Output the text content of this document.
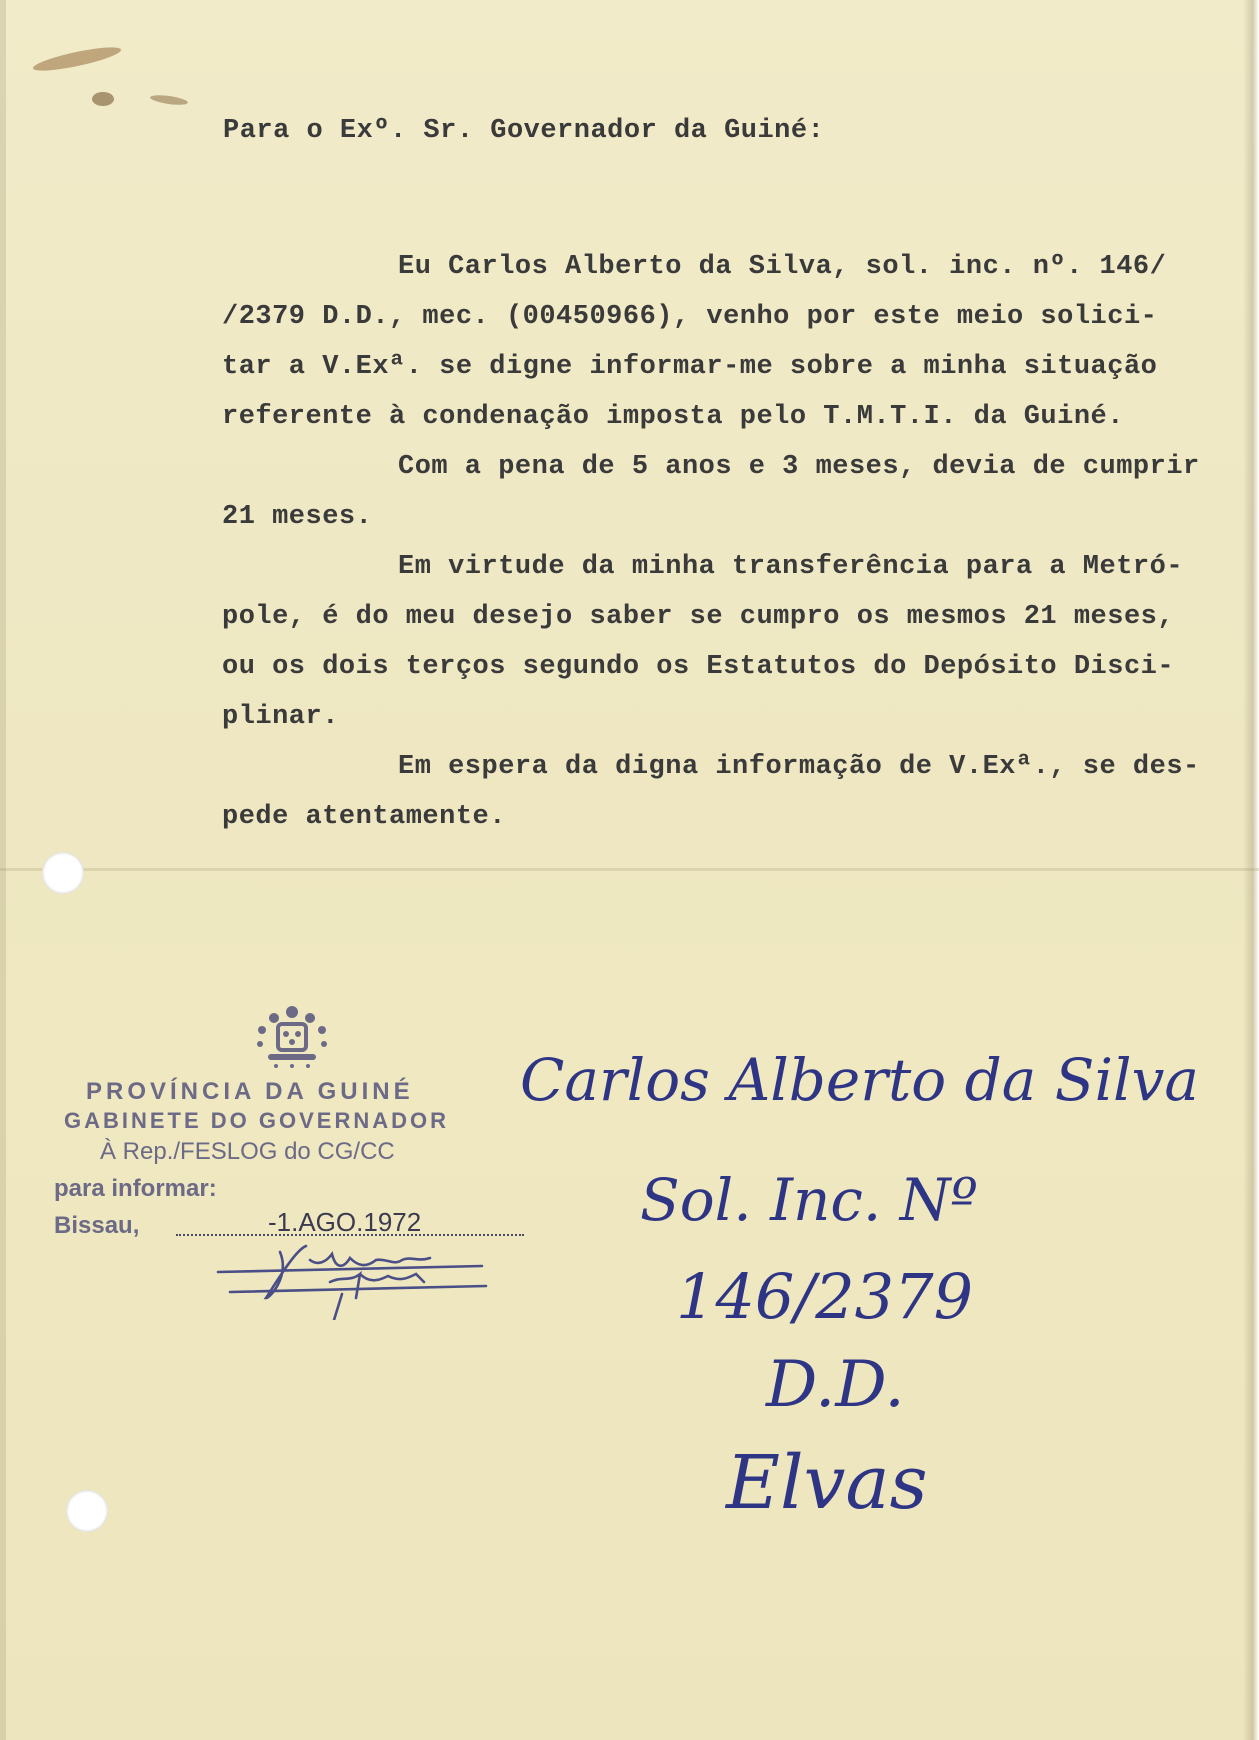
Para o Exº. Sr. Governador da Guiné:
Eu Carlos Alberto da Silva, sol. inc. nº. 146/
/2379 D.D., mec. (00450966), venho por este meio solici-
tar a V.Exª. se digne informar-me sobre a minha situação
referente à condenação imposta pelo T.M.T.I. da Guiné.
Com a pena de 5 anos e 3 meses, devia de cumprir
21 meses.
Em virtude da minha transferência para a Metró-
pole, é do meu desejo saber se cumpro os mesmos 21 meses,
ou os dois terços segundo os Estatutos do Depósito Disci-
plinar.
Em espera da digna informação de V.Exª., se des-
pede atentamente.
PROVÍNCIA DA GUINÉ
GABINETE DO GOVERNADOR
À Rep./FESLOG do CG/CC
para informar:
Bissau,	-1.AGO.1972
Carlos Alberto da Silva
Sol. Inc. Nº
146/2379
D.D.
Elvas
